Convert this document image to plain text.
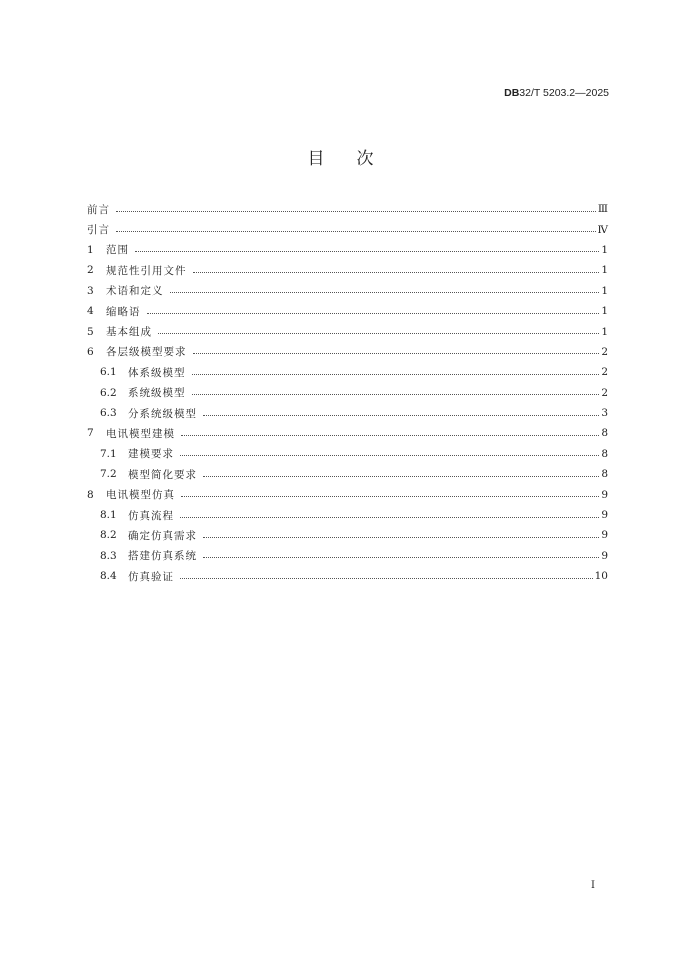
DB32/T 5203.2—2025
目次
前言	Ⅲ
引言	Ⅳ
1	范围	1
2	规范性引用文件	1
3	术语和定义	1
4	缩略语	1
5	基本组成	1
6	各层级模型要求	2
6.1	体系级模型	2
6.2	系统级模型	2
6.3	分系统级模型	3
7	电讯模型建模	8
7.1	建模要求	8
7.2	模型简化要求	8
8	电讯模型仿真	9
8.1	仿真流程	9
8.2	确定仿真需求	9
8.3	搭建仿真系统	9
8.4	仿真验证	10
I
